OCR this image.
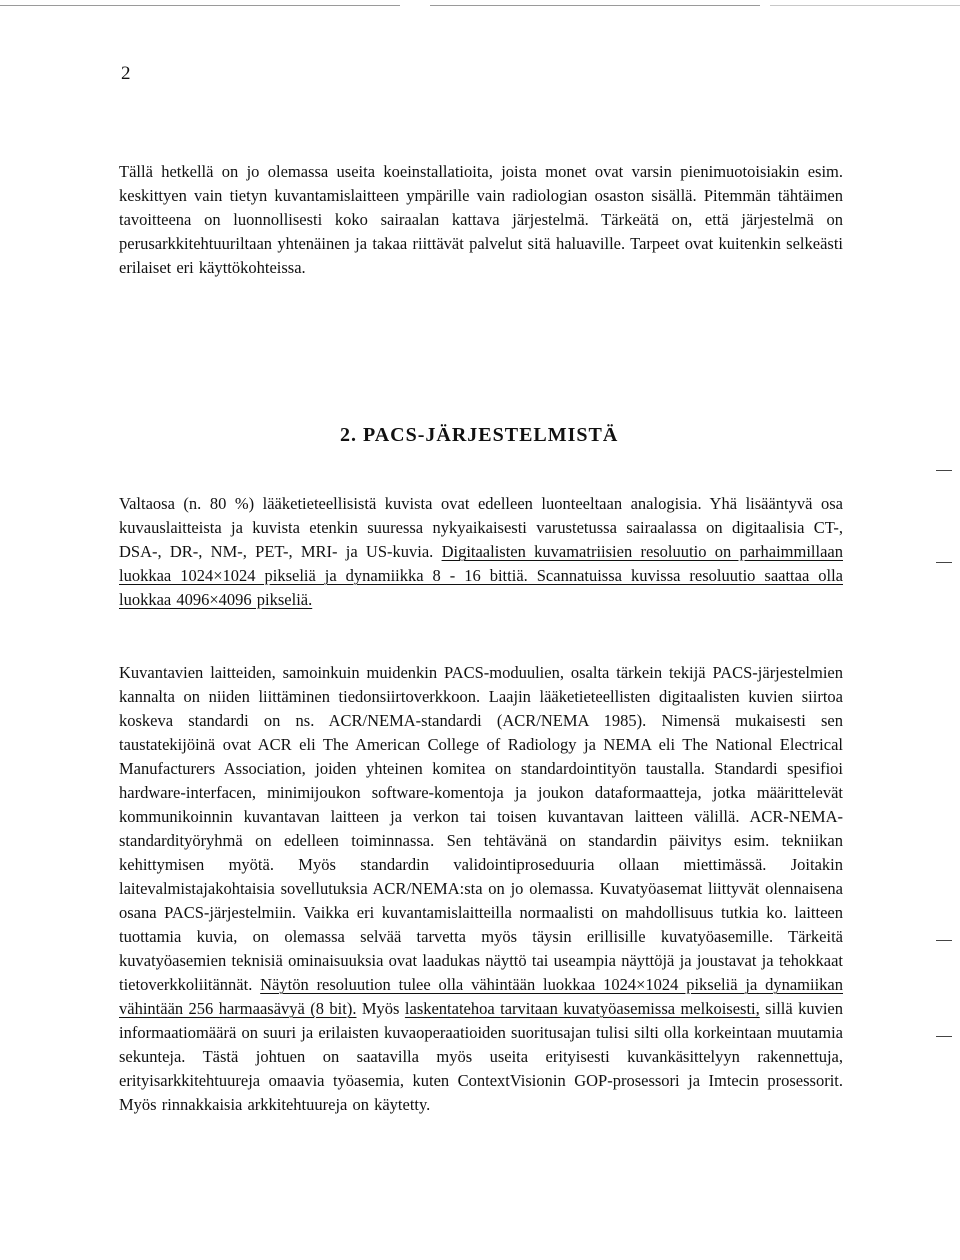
2

Tällä hetkellä on jo olemassa useita koeinstallatioita, joista monet ovat varsin pienimuotoisiakin esim. keskittyen vain tietyn kuvantamislaitteen ympärille vain radiologian osaston sisällä. Pitemmän tähtäimen tavoitteena on luonnollisesti koko sairaalan kattava järjestelmä. Tärkeätä on, että järjestelmä on perusarkkitehtuuriltaan yhtenäinen ja takaa riittävät palvelut sitä haluaville. Tarpeet ovat kuitenkin selkeästi erilaiset eri käyttökohteissa.

2. PACS-JÄRJESTELMISTÄ

Valtaosa (n. 80 %) lääketieteellisistä kuvista ovat edelleen luonteeltaan analogisia. Yhä lisääntyvä osa kuvauslaitteista ja kuvista etenkin suuressa nykyaikaisesti varustetussa sairaalassa on digitaalisia CT-, DSA-, DR-, NM-, PET-, MRI- ja US-kuvia. Digitaalisten kuvamatriisien resoluutio on parhaimmillaan luokkaa 1024×1024 pikseliä ja dynamiikka 8 - 16 bittiä. Scannatuissa kuvissa resoluutio saattaa olla luokkaa 4096×4096 pikseliä.

Kuvantavien laitteiden, samoinkuin muidenkin PACS-moduulien, osalta tärkein tekijä PACS-järjestelmien kannalta on niiden liittäminen tiedonsiirtoverkkoon. Laajin lääketieteellisten digitaalisten kuvien siirtoa koskeva standardi on ns. ACR/NEMA-standardi (ACR/NEMA 1985). Nimensä mukaisesti sen taustatekijöinä ovat ACR eli The American College of Radiology ja NEMA eli The National Electrical Manufacturers Association, joiden yhteinen komitea on standardointityön taustalla. Standardi spesifioi hardware-interfacen, minimijoukon software-komentoja ja joukon dataformaatteja, jotka määrittelevät kommunikoinnin kuvantavan laitteen ja verkon tai toisen kuvantavan laitteen välillä. ACR-NEMA-standardityöryhmä on edelleen toiminnassa. Sen tehtävänä on standardin päivitys esim. tekniikan kehittymisen myötä. Myös standardin validointiproseduuria ollaan miettimässä. Joitakin laitevalmistajakohtaisia sovellutuksia ACR/NEMA:sta on jo olemassa. Kuvatyöasemat liittyvät olennaisena osana PACS-järjestelmiin. Vaikka eri kuvantamislaitteilla normaalisti on mahdollisuus tutkia ko. laitteen tuottamia kuvia, on olemassa selvää tarvetta myös täysin erillisille kuvatyöasemille. Tärkeitä kuvatyöasemien teknisiä ominaisuuksia ovat laadukas näyttö tai useampia näyttöjä ja joustavat ja tehokkaat tietoverkkoliitännät. Näytön resoluution tulee olla vähintään luokkaa 1024×1024 pikseliä ja dynamiikan vähintään 256 harmaasävyä (8 bit). Myös laskentatehoa tarvitaan kuvatyöasemissa melkoisesti, sillä kuvien informaatiomäärä on suuri ja erilaisten kuvaoperaatioiden suoritusajan tulisi silti olla korkeintaan muutamia sekunteja. Tästä johtuen on saatavilla myös useita erityisesti kuvankäsittelyyn rakennettuja, erityisarkkitehtuureja omaavia työasemia, kuten ContextVisionin GOP-prosessori ja Imtecin prosessorit. Myös rinnakkaisia arkkitehtuureja on käytetty.
